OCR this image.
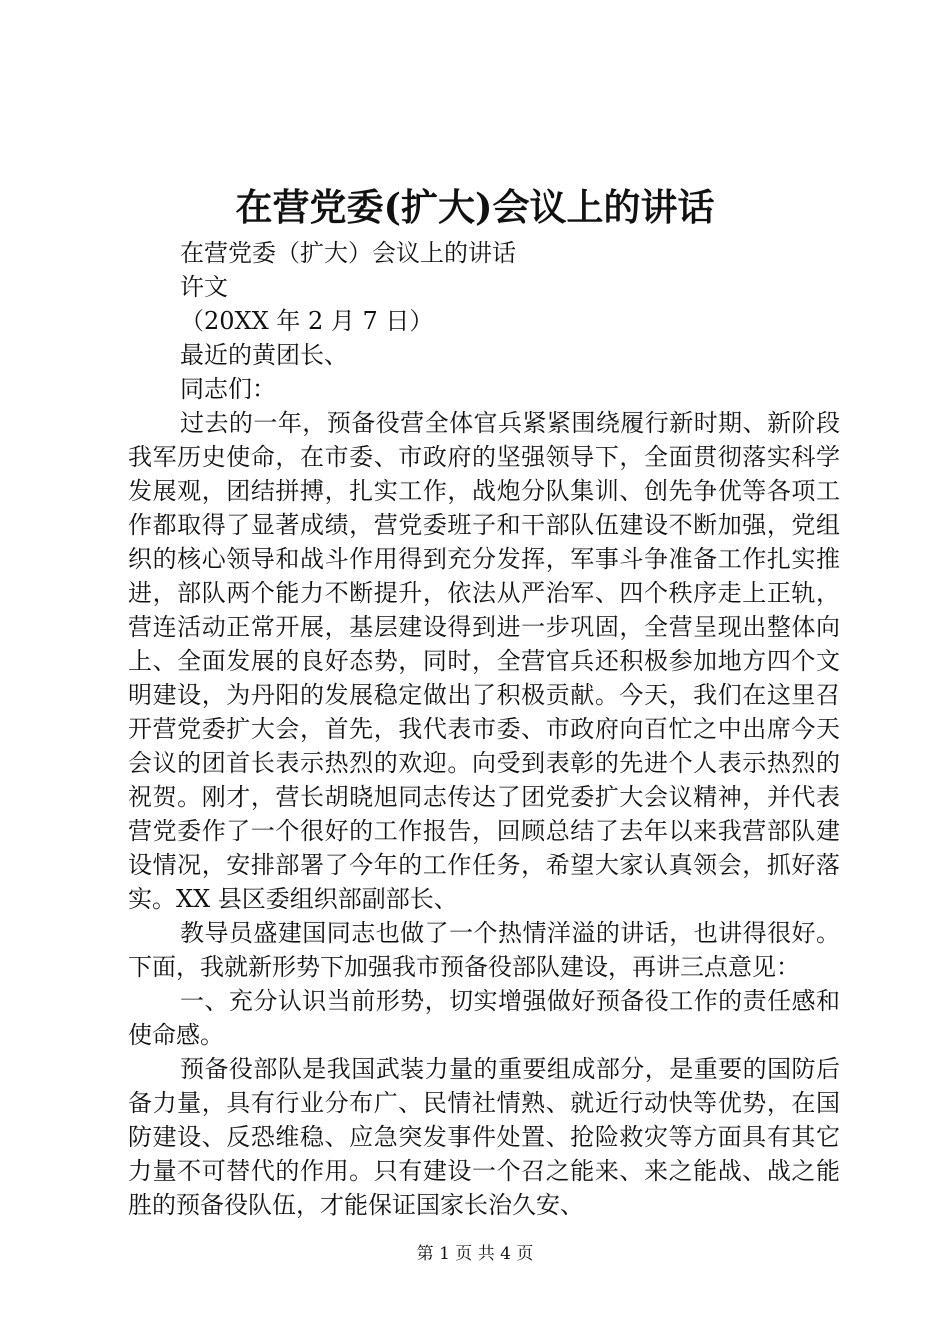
在营党委(扩大)会议上的讲话
在营党委（扩大）会议上的讲话
许文
（20XX 年 2 月 7 日）
最近的黄团长、
同志们：
过去的一年，预备役营全体官兵紧紧围绕履行新时期、新阶段我军历史使命，在市委、市政府的坚强领导下，全面贯彻落实科学发展观，团结拼搏，扎实工作，战炮分队集训、创先争优等各项工作都取得了显著成绩，营党委班子和干部队伍建设不断加强，党组织的核心领导和战斗作用得到充分发挥，军事斗争准备工作扎实推进，部队两个能力不断提升，依法从严治军、四个秩序走上正轨，营连活动正常开展，基层建设得到进一步巩固，全营呈现出整体向上、全面发展的良好态势，同时，全营官兵还积极参加地方四个文明建设，为丹阳的发展稳定做出了积极贡献。今天，我们在这里召开营党委扩大会，首先，我代表市委、市政府向百忙之中出席今天会议的团首长表示热烈的欢迎。向受到表彰的先进个人表示热烈的祝贺。刚才，营长胡晓旭同志传达了团党委扩大会议精神，并代表营党委作了一个很好的工作报告，回顾总结了去年以来我营部队建设情况，安排部署了今年的工作任务，希望大家认真领会，抓好落实。XX 县区委组织部副部长、
教导员盛建国同志也做了一个热情洋溢的讲话，也讲得很好。下面，我就新形势下加强我市预备役部队建设，再讲三点意见：
一、充分认识当前形势，切实增强做好预备役工作的责任感和使命感。
预备役部队是我国武装力量的重要组成部分，是重要的国防后备力量，具有行业分布广、民情社情熟、就近行动快等优势，在国防建设、反恐维稳、应急突发事件处置、抢险救灾等方面具有其它力量不可替代的作用。只有建设一个召之能来、来之能战、战之能胜的预备役队伍，才能保证国家长治久安、
第 1 页 共 4 页
